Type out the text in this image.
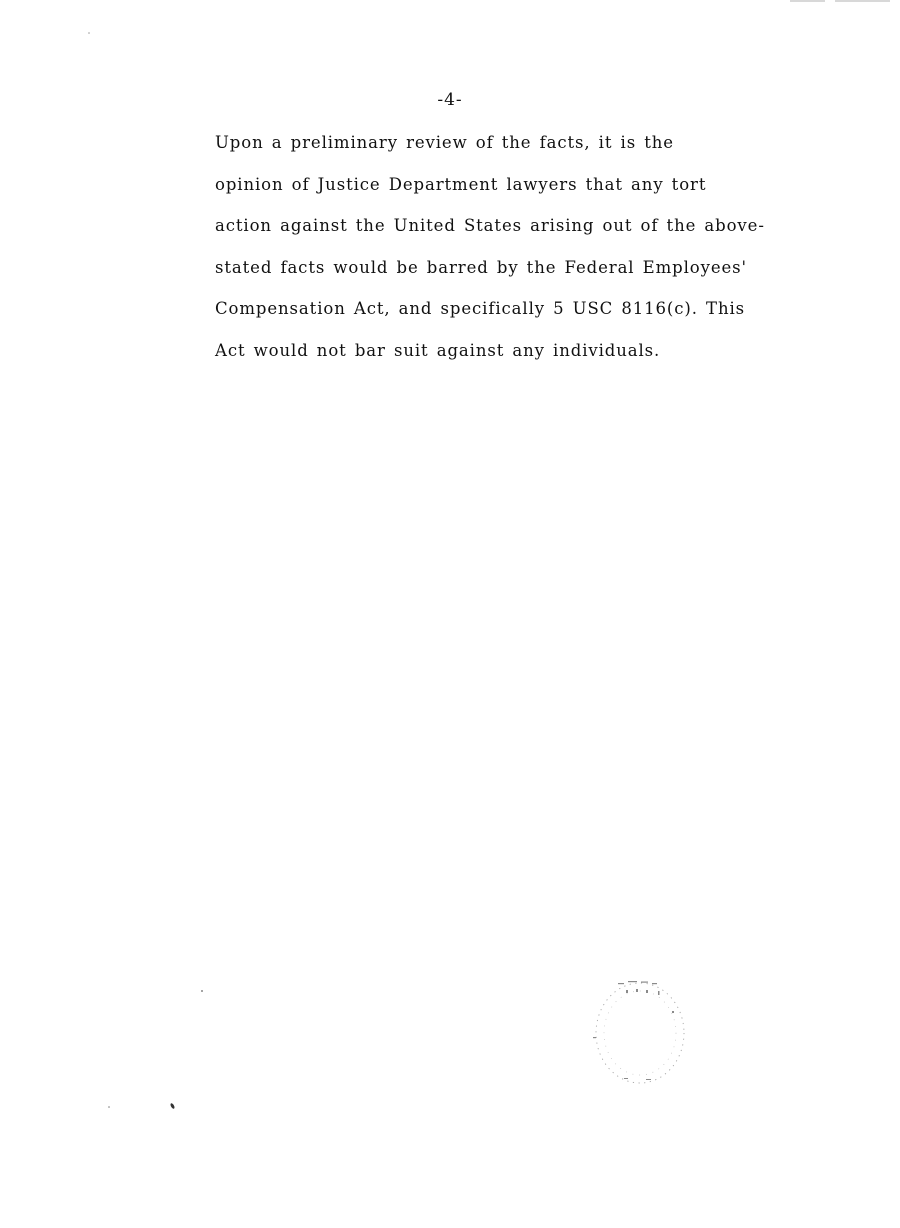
-4-
Upon a preliminary review of the facts, it is the
opinion of Justice Department lawyers that any tort
action against the United States arising out of the above-
stated facts would be barred by the Federal Employees'
Compensation Act, and specifically 5 USC 8116(c). This
Act would not bar suit against any individuals.
